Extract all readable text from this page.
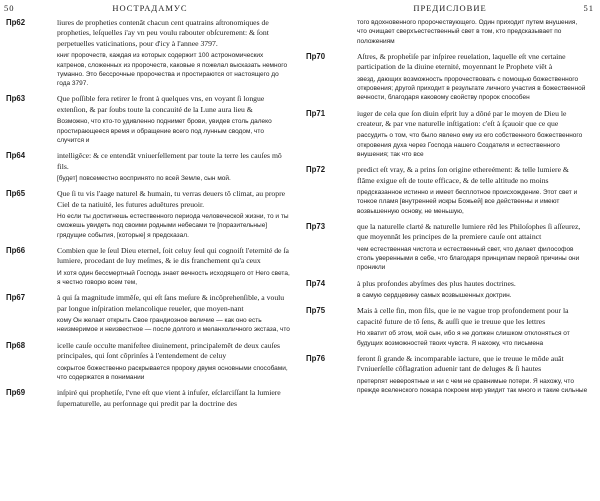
50	НОСТРАДАМУС
Пр62	liures de propheties contenãt chacun cent quatrains aſtronomiques de propheties, leſquelles i'ay vn peu voulu rabouter obſcurement: & ſont perpetuelles vaticinations, pour d'icy à l'annee 3797.

книг пророчеств, каждая из которых содержит 100 астрономических катренов, сложенных из пророчеств, каковые я пожелал высказать немного туманно. Это бессрочные пророчества и простираются от настоящего до года 3797.

Пр63	Que poſſible fera retirer le front à quelques vns, en voyant ſi longue extenſion, & par ſoubs toute la concauité de la Lune aura lieu &

Возможно, что кто-то удивленно поднимет брови, увидев столь далеко простирающееся время и обращение всего под лунным сводом, что случится и

Пр64	intelligẽce: & ce entendãt vniuerſellement par toute la terre les cauſes mõ fils.

[будет] повсеместно воспринято по всей Земле, сын мой.

Пр65	Que ſi tu vis l'aage naturel & humain, tu verras deuers tõ climat, au propre Ciel de ta natiuité, les futures aduẽtures preuoir.

Но если ты достигнешь естественного периода человеческой жизни, то и ты сможешь увидеть под своими родными небесами те [поразительные] грядущие события, [которые] я предсказал.

Пр66	Combien que le ſeul Dieu eternel, ſoit celuy ſeul qui cognoiſt l'eternité de ſa lumiere, procedant de luy meſmes, & ie dis franchement qu'a ceux

И хотя один бессмертный Господь знает вечность исходящего от Него света, я честно говорю всем тем,

Пр67	à qui ſa magnitude immẽſe, qui eſt ſans meſure & incõprehenſible, a voulu par longue inſpiration melancolique reueler, que moyen-nant

кому Он желает открыть Свое грандиозное величие — как оно есть неизмеримое и неизвестное — после долгого и меланхоличного экстаза, что

Пр68	icelle cauſe occulte manifeſtee diuinement, principalemẽt de deux cauſes principales, qui ſont cõprinſes à l'entendement de celuy

сокрытое божественно раскрывается пророку двумя основными способами, что содержатся в понимании

Пр69	inſpiré qui prophetiſe, l'vne eſt que vient à infuſer, eſclarciſſant la lumiere ſupernaturelle, au perſonnage qui predit par la doctrine des

ПРЕДИСЛОВИЕ	51

того вдохновенного пророчествующего. Один приходит путем внушения, что очищает сверхъестественный свет в том, кто предсказывает по положениям

Пр70	Aſtres, & propheṫiſe par inſpiree reuelation, laquelle eſt vne certaine participation de la diuine eternité, moyennant le Prophete viẽt à

звезд, дающих возможность пророчествовать с помощью божественного откровения; другой приходит в результате личного участия в божественной вечности, благодаря каковому свойству пророк способен

Пр71	iuger de cela que ſon diuin eſprit luy a dõné par le moyen de Dieu le createur, & par vne naturelle inſtigation: c'eſt à ſçauoir que ce que

рассудить о том, что было явлено ему из его собственного божественного откровения духа через Господа нашего Создателя и естественного внушения; так что все

Пр72	predict eſt vray, & a prins ſon origine ethereément: & telle lumiere & flãme exigue eſt de toute efficace, & de telle altitude no moins

предсказанное истинно и имеет бесплотное происхождение. Этот свет и тонкое пламя [внутренней искры Божьей] все действенны и имеют возвышенную основу, не меньшую,

Пр73	que la naturelle clarté & naturelle lumiere rẽd les Philoſophes ſi aſſeurez, que moyennãt les principes de la premiere cauſe ont attainct

чем естественная чистота и естественный свет, что делает философов столь уверенными в себе, что благодаря принципам первой причины они проникли

Пр74	à plus profondes abyſmes des plus hautes doctrines.

в самую сердцевину самых возвышенных доктрин.

Пр75	Mais à celle fin, mon fils, que ie ne vague trop profondement pour la capacité future de tõ ſens, & auſſi que ie treuue que les lettres

Но хватит об этом, мой сын, ибо я не должен слишком отклоняться от будущих возможностей твоих чувств. Я нахожу, что письмена

Пр76	feront ſi grande & incomparable iacture, que ie treuue le mõde auãt l'vniuerſelle cõflagration aduenir tant de deluges & ſi hautes

претерпят невероятные и ни с чем не сравнимые потери. Я нахожу, что прежде вселенского пожара покроем мир увидит так много и такие сильные
